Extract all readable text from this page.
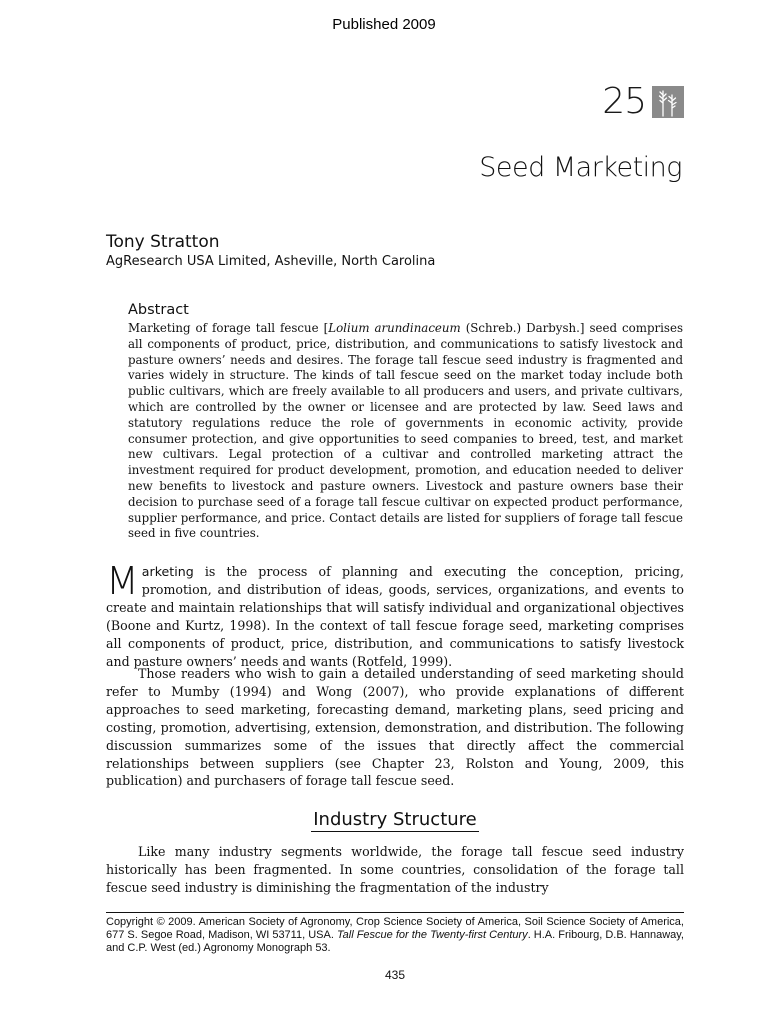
Published 2009
25
Seed Marketing
Tony Stratton
AgResearch USA Limited, Asheville, North Carolina
Abstract

Marketing of forage tall fescue [Lolium arundinaceum (Schreb.) Darbysh.] seed comprises all components of product, price, distribution, and communications to satisfy livestock and pasture owners’ needs and desires. The forage tall fescue seed industry is fragmented and varies widely in structure. The kinds of tall fescue seed on the market today include both public cultivars, which are freely available to all producers and users, and private cultivars, which are controlled by the owner or licensee and are protected by law. Seed laws and statutory regulations reduce the role of governments in economic activity, provide consumer protection, and give opportunities to seed companies to breed, test, and market new cultivars. Legal protection of a cultivar and controlled marketing attract the investment required for product development, promotion, and education needed to deliver new benefits to livestock and pasture owners. Livestock and pasture owners base their decision to purchase seed of a forage tall fescue cultivar on expected product performance, supplier performance, and price. Contact details are listed for suppliers of forage tall fescue seed in five countries.

Marketing is the process of planning and executing the conception, pricing, promotion, and distribution of ideas, goods, services, organizations, and events to create and maintain relationships that will satisfy individual and organizational objectives (Boone and Kurtz, 1998). In the context of tall fescue forage seed, marketing comprises all components of product, price, distribution, and communications to satisfy livestock and pasture owners’ needs and wants (Rotfeld, 1999).

Those readers who wish to gain a detailed understanding of seed marketing should refer to Mumby (1994) and Wong (2007), who provide explanations of different approaches to seed marketing, forecasting demand, marketing plans, seed pricing and costing, promotion, advertising, extension, demonstration, and distribution. The following discussion summarizes some of the issues that directly affect the commercial relationships between suppliers (see Chapter 23, Rolston and Young, 2009, this publication) and purchasers of forage tall fescue seed.

Industry Structure

Like many industry segments worldwide, the forage tall fescue seed industry historically has been fragmented. In some countries, consolidation of the forage tall fescue seed industry is diminishing the fragmentation of the industry

Copyright © 2009. American Society of Agronomy, Crop Science Society of America, Soil Science Society of America, 677 S. Segoe Road, Madison, WI 53711, USA. Tall Fescue for the Twenty-first Century. H.A. Fribourg, D.B. Hannaway, and C.P. West (ed.) Agronomy Monograph 53.

435
